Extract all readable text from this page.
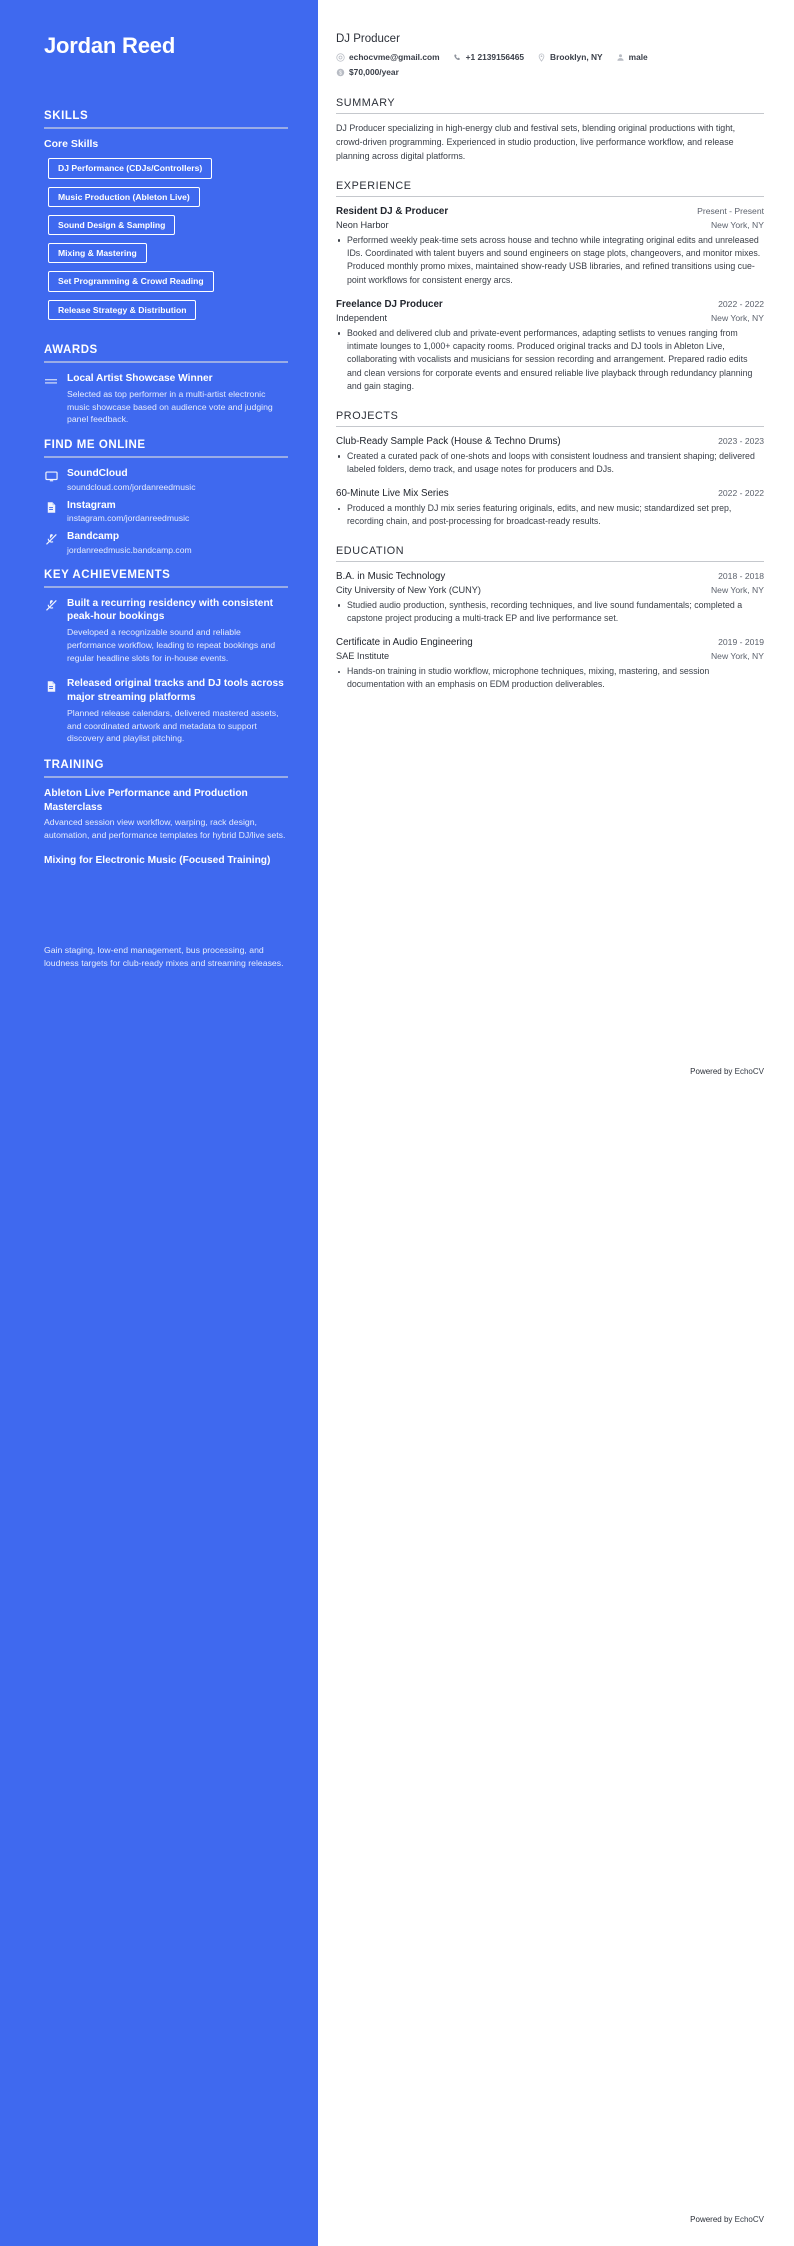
Jordan Reed
SKILLS
Core Skills
DJ Performance (CDJs/Controllers)
Music Production (Ableton Live)
Sound Design & Sampling
Mixing & Mastering
Set Programming & Crowd Reading
Release Strategy & Distribution
AWARDS
Local Artist Showcase Winner
Selected as top performer in a multi-artist electronic music showcase based on audience vote and judging panel feedback.
FIND ME ONLINE
SoundCloud
soundcloud.com/jordanreedmusic
Instagram
instagram.com/jordanreedmusic
Bandcamp
jordanreedmusic.bandcamp.com
KEY ACHIEVEMENTS
Built a recurring residency with consistent peak-hour bookings
Developed a recognizable sound and reliable performance workflow, leading to repeat bookings and regular headline slots for in-house events.
Released original tracks and DJ tools across major streaming platforms
Planned release calendars, delivered mastered assets, and coordinated artwork and metadata to support discovery and playlist pitching.
TRAINING
Ableton Live Performance and Production Masterclass
Advanced session view workflow, warping, rack design, automation, and performance templates for hybrid DJ/live sets.
Mixing for Electronic Music (Focused Training)
Gain staging, low-end management, bus processing, and loudness targets for club-ready mixes and streaming releases.
DJ Producer
echocvme@gmail.com	+1 2139156465	Brooklyn, NY	male
$ $70,000/year
SUMMARY
DJ Producer specializing in high-energy club and festival sets, blending original productions with tight, crowd-driven programming. Experienced in studio production, live performance workflow, and release planning across digital platforms.
EXPERIENCE
Resident DJ & Producer	Present - Present
Neon Harbor	New York, NY
Performed weekly peak-time sets across house and techno while integrating original edits and unreleased IDs. Coordinated with talent buyers and sound engineers on stage plots, changeovers, and monitor mixes. Produced monthly promo mixes, maintained show-ready USB libraries, and refined transitions using cue-point workflows for consistent energy arcs.
Freelance DJ Producer	2022 - 2022
Independent	New York, NY
Booked and delivered club and private-event performances, adapting setlists to venues ranging from intimate lounges to 1,000+ capacity rooms. Produced original tracks and DJ tools in Ableton Live, collaborating with vocalists and musicians for session recording and arrangement. Prepared radio edits and clean versions for corporate events and ensured reliable live playback through redundancy planning and gain staging.
PROJECTS
Club-Ready Sample Pack (House & Techno Drums)	2023 - 2023
Created a curated pack of one-shots and loops with consistent loudness and transient shaping; delivered labeled folders, demo track, and usage notes for producers and DJs.
60-Minute Live Mix Series	2022 - 2022
Produced a monthly DJ mix series featuring originals, edits, and new music; standardized set prep, recording chain, and post-processing for broadcast-ready results.
EDUCATION
B.A. in Music Technology	2018 - 2018
City University of New York (CUNY)	New York, NY
Studied audio production, synthesis, recording techniques, and live sound fundamentals; completed a capstone project producing a multi-track EP and live performance set.
Certificate in Audio Engineering	2019 - 2019
SAE Institute	New York, NY
Hands-on training in studio workflow, microphone techniques, mixing, mastering, and session documentation with an emphasis on EDM production deliverables.
Powered by EchoCV
Powered by EchoCV
